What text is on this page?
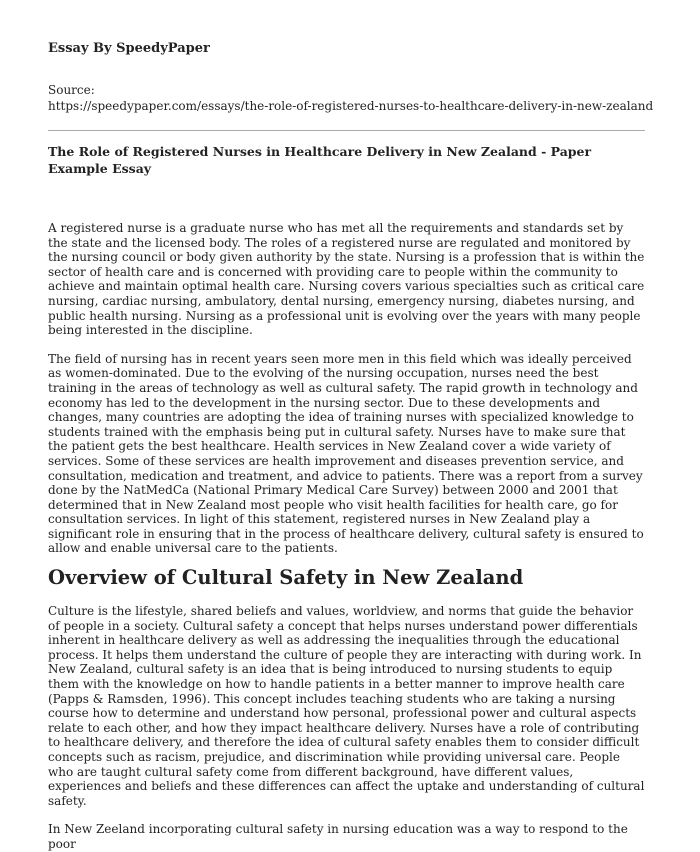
Essay By SpeedyPaper
Source:
https://speedypaper.com/essays/the-role-of-registered-nurses-to-healthcare-delivery-in-new-zealand
The Role of Registered Nurses in Healthcare Delivery in New Zealand - Paper Example Essay

A registered nurse is a graduate nurse who has met all the requirements and standards set by the state and the licensed body. The roles of a registered nurse are regulated and monitored by the nursing council or body given authority by the state. Nursing is a profession that is within the sector of health care and is concerned with providing care to people within the community to achieve and maintain optimal health care. Nursing covers various specialties such as critical care nursing, cardiac nursing, ambulatory, dental nursing, emergency nursing, diabetes nursing, and public health nursing. Nursing as a professional unit is evolving over the years with many people being interested in the discipline.

The field of nursing has in recent years seen more men in this field which was ideally perceived as women-dominated. Due to the evolving of the nursing occupation, nurses need the best training in the areas of technology as well as cultural safety. The rapid growth in technology and economy has led to the development in the nursing sector. Due to these developments and changes, many countries are adopting the idea of training nurses with specialized knowledge to students trained with the emphasis being put in cultural safety. Nurses have to make sure that the patient gets the best healthcare. Health services in New Zealand cover a wide variety of services. Some of these services are health improvement and diseases prevention service, and consultation, medication and treatment, and advice to patients. There was a report from a survey done by the NatMedCa (National Primary Medical Care Survey) between 2000 and 2001 that determined that in New Zealand most people who visit health facilities for health care, go for consultation services. In light of this statement, registered nurses in New Zealand play a significant role in ensuring that in the process of healthcare delivery, cultural safety is ensured to allow and enable universal care to the patients.

Overview of Cultural Safety in New Zealand

Culture is the lifestyle, shared beliefs and values, worldview, and norms that guide the behavior of people in a society. Cultural safety a concept that helps nurses understand power differentials inherent in healthcare delivery as well as addressing the inequalities through the educational process. It helps them understand the culture of people they are interacting with during work. In New Zealand, cultural safety is an idea that is being introduced to nursing students to equip them with the knowledge on how to handle patients in a better manner to improve health care (Papps & Ramsden, 1996). This concept includes teaching students who are taking a nursing course how to determine and understand how personal, professional power and cultural aspects relate to each other, and how they impact healthcare delivery. Nurses have a role of contributing to healthcare delivery, and therefore the idea of cultural safety enables them to consider difficult concepts such as racism, prejudice, and discrimination while providing universal care. People who are taught cultural safety come from different background, have different values, experiences and beliefs and these differences can affect the uptake and understanding of cultural safety.

In New Zeeland incorporating cultural safety in nursing education was a way to respond to the poor
